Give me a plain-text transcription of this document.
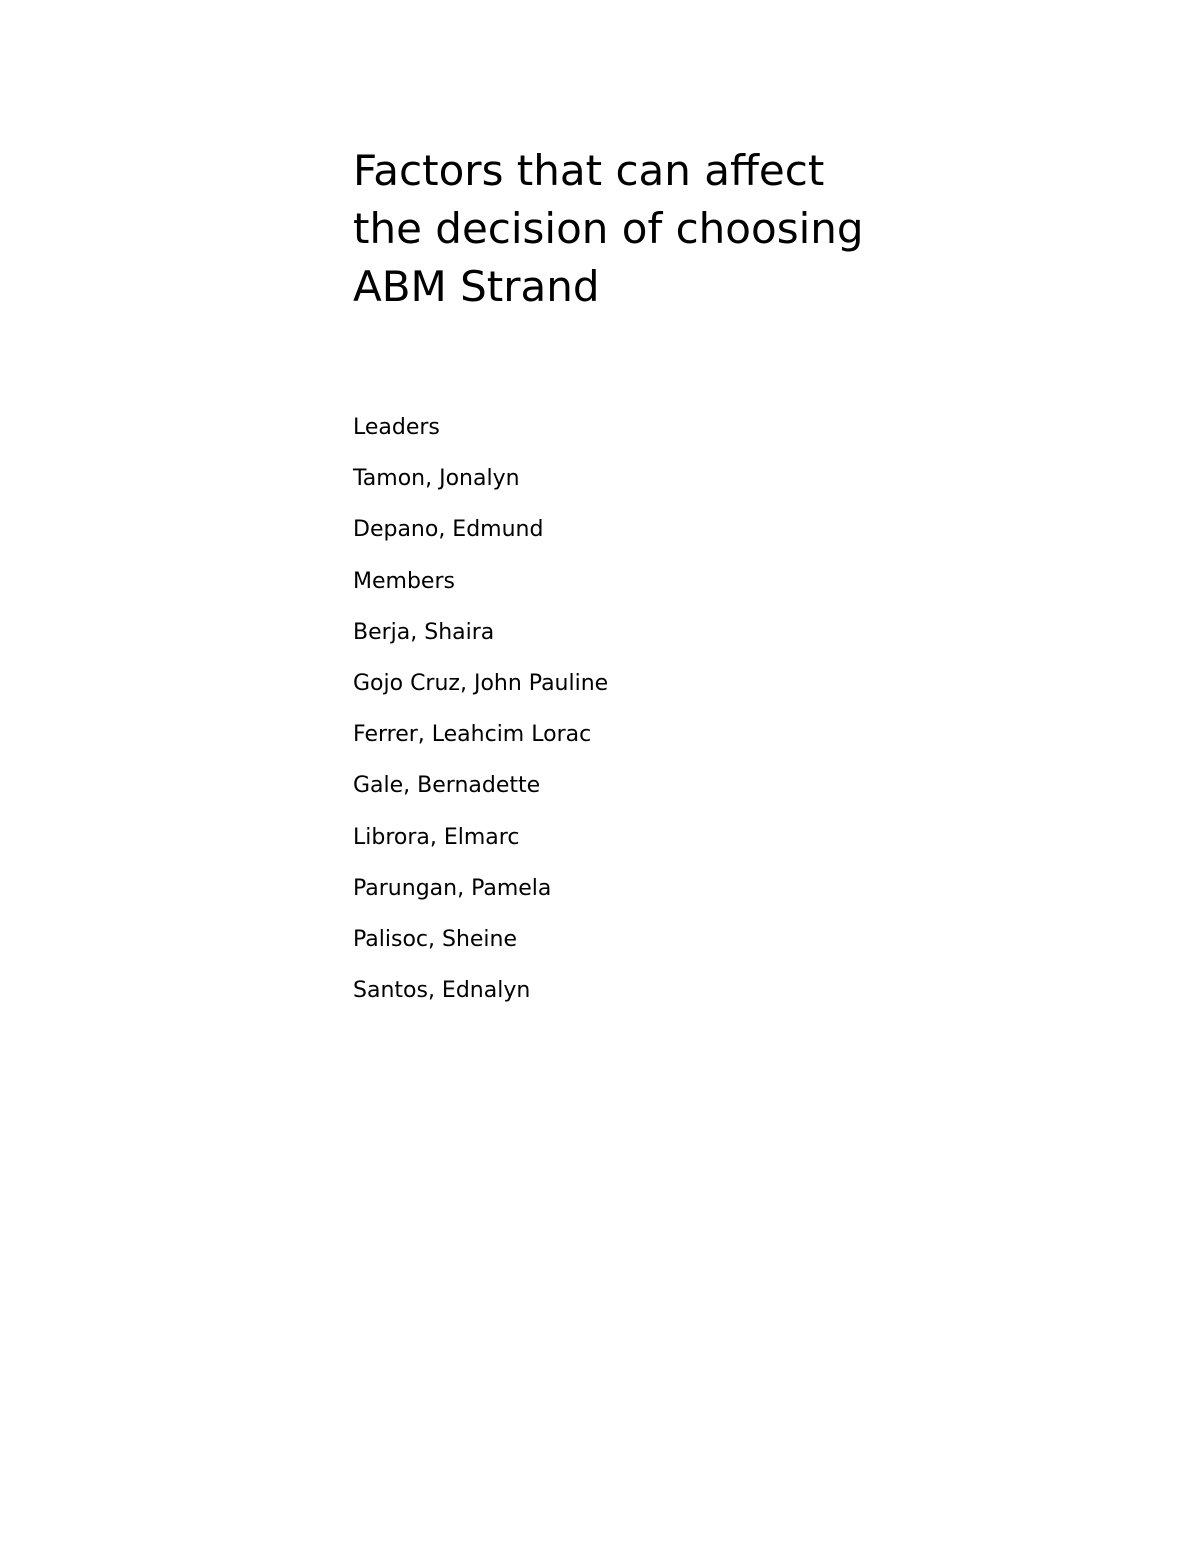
Factors that can affect
the decision of choosing
ABM Strand
Leaders
Tamon, Jonalyn
Depano, Edmund
Members
Berja, Shaira
Gojo Cruz, John Pauline
Ferrer, Leahcim Lorac
Gale, Bernadette
Librora, Elmarc
Parungan, Pamela
Palisoc, Sheine
Santos, Ednalyn
